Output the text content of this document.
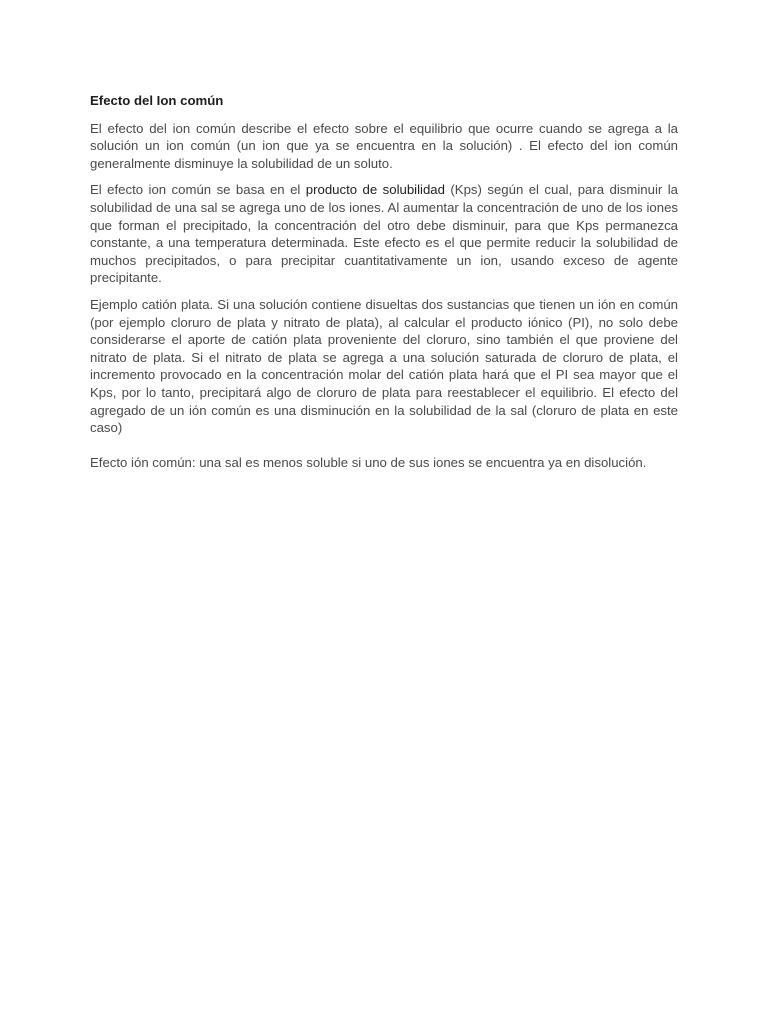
Efecto del Ion común

El efecto del ion común describe el efecto sobre el equilibrio que ocurre cuando se agrega a la solución un ion común (un ion que ya se encuentra en la solución) . El efecto del ion común generalmente disminuye la solubilidad de un soluto.

El efecto ion común se basa en el producto de solubilidad (Kps) según el cual, para disminuir la solubilidad de una sal se agrega uno de los iones. Al aumentar la concentración de uno de los iones que forman el precipitado, la concentración del otro debe disminuir, para que Kps permanezca constante, a una temperatura determinada. Este efecto es el que permite reducir la solubilidad de muchos precipitados, o para precipitar cuantitativamente un ion, usando exceso de agente precipitante.

Ejemplo catión plata. Si una solución contiene disueltas dos sustancias que tienen un ión en común (por ejemplo cloruro de plata y nitrato de plata), al calcular el producto iónico (PI), no solo debe considerarse el aporte de catión plata proveniente del cloruro, sino también el que proviene del nitrato de plata. Si el nitrato de plata se agrega a una solución saturada de cloruro de plata, el incremento provocado en la concentración molar del catión plata hará que el PI sea mayor que el Kps, por lo tanto, precipitará algo de cloruro de plata para reestablecer el equilibrio. El efecto del agregado de un ión común es una disminución en la solubilidad de la sal (cloruro de plata en este caso)

Efecto ión común: una sal es menos soluble si uno de sus iones se encuentra ya en disolución.
